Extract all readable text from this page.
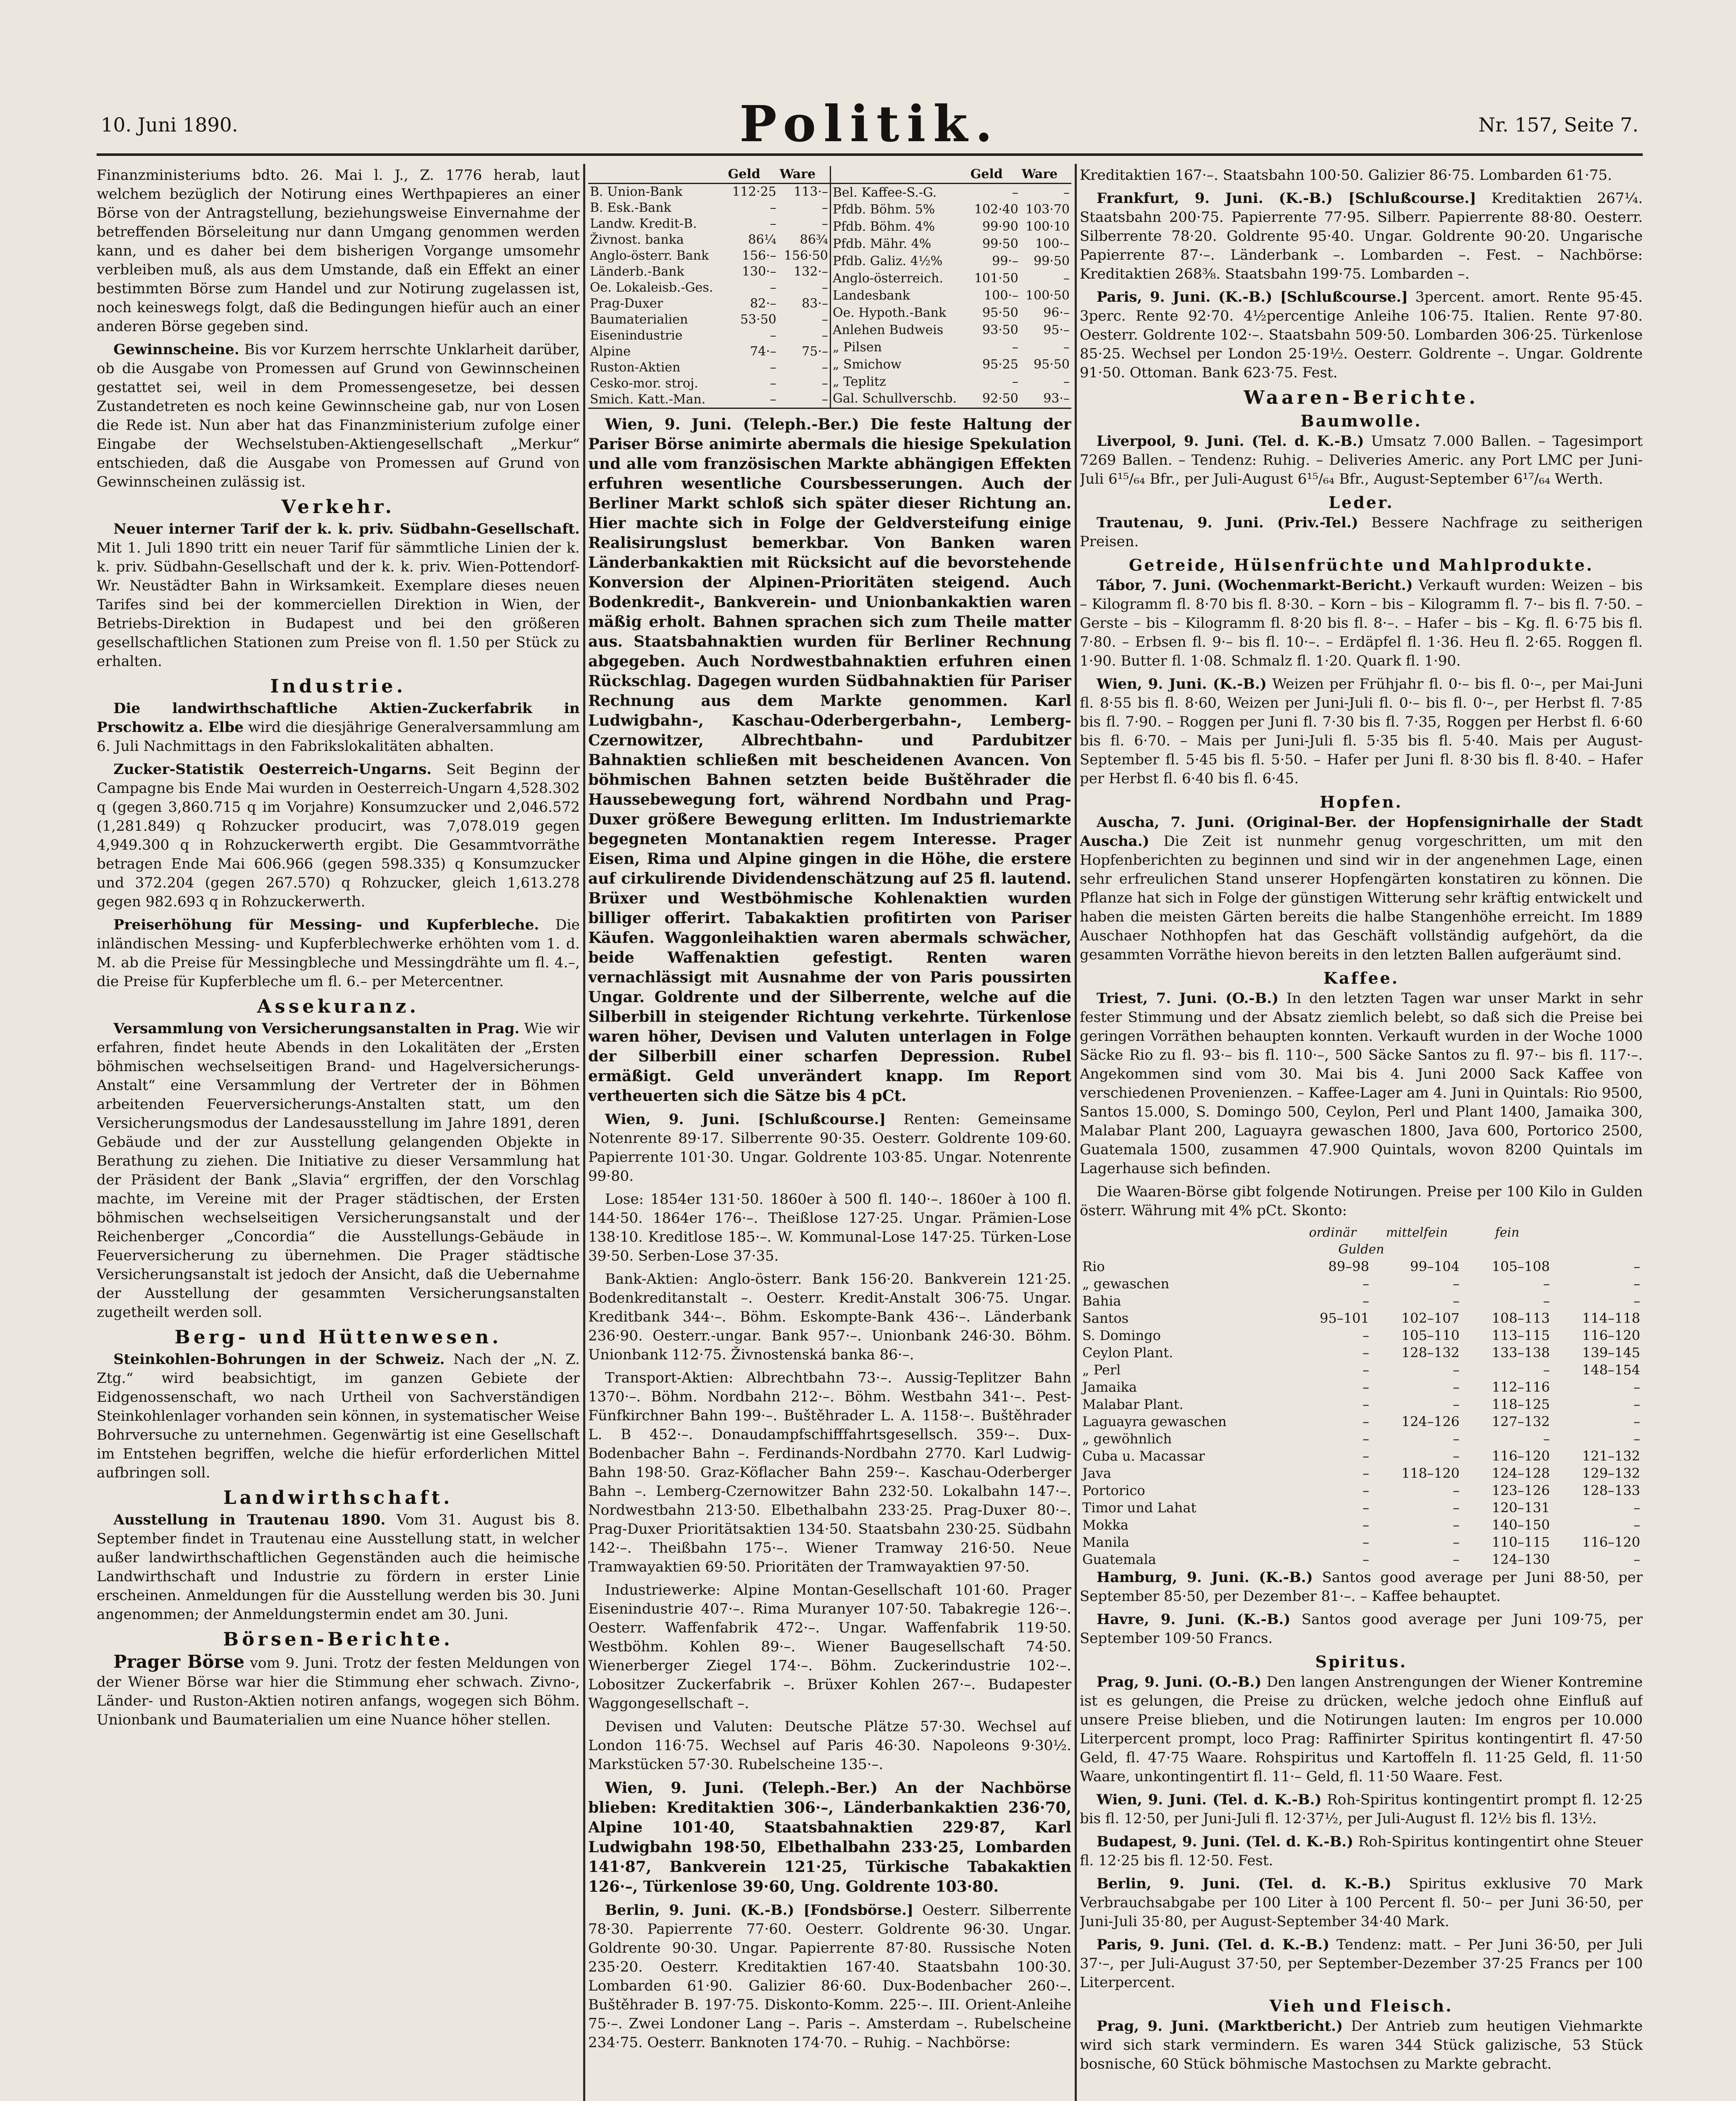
10. Juni 1890.	Politik.	Nr. 157, Seite 7.

Finanzministeriums bdto. 26. Mai l. J., Z. 1776 herab, laut welchem bezüglich der Notirung eines Werthpapieres an einer Börse von der Antragstellung, beziehungsweise Einvernahme der betreffenden Börseleitung nur dann Umgang genommen werden kann, und es daher bei dem bisherigen Vorgange umsomehr verbleiben muß, als aus dem Umstande, daß ein Effekt an einer bestimmten Börse zum Handel und zur Notirung zugelassen ist, noch keineswegs folgt, daß die Bedingungen hiefür auch an einer anderen Börse gegeben sind.

Gewinnscheine. Bis vor Kurzem herrschte Unklarheit darüber, ob die Ausgabe von Promessen auf Grund von Gewinnscheinen gestattet sei, weil in dem Promessengesetze, bei dessen Zustandetreten es noch keine Gewinnscheine gab, nur von Losen die Rede ist. Nun aber hat das Finanzministerium zufolge einer Eingabe der Wechselstuben-Aktiengesellschaft „Merkur“ entschieden, daß die Ausgabe von Promessen auf Grund von Gewinnscheinen zulässig ist.

Verkehr.

Neuer interner Tarif der k. k. priv. Südbahn-Gesellschaft. Mit 1. Juli 1890 tritt ein neuer Tarif für sämmtliche Linien der k. k. priv. Südbahn-Gesellschaft und der k. k. priv. Wien-Pottendorf-Wr. Neustädter Bahn in Wirksamkeit. Exemplare dieses neuen Tarifes sind bei der kommerciellen Direktion in Wien, der Betriebs-Direktion in Budapest und bei den größeren gesellschaftlichen Stationen zum Preise von fl. 1.50 per Stück zu erhalten.

Industrie.

Die landwirthschaftliche Aktien-Zuckerfabrik in Prschowitz a. Elbe wird die diesjährige Generalversammlung am 6. Juli Nachmittags in den Fabrikslokalitäten abhalten.

Zucker-Statistik Oesterreich-Ungarns. Seit Beginn der Campagne bis Ende Mai wurden in Oesterreich-Ungarn 4,528.302 q (gegen 3,860.715 q im Vorjahre) Konsumzucker und 2,046.572 (1,281.849) q Rohzucker producirt, was 7,078.019 gegen 4,949.300 q in Rohzuckerwerth ergibt. Die Gesammtvorräthe betragen Ende Mai 606.966 (gegen 598.335) q Konsumzucker und 372.204 (gegen 267.570) q Rohzucker, gleich 1,613.278 gegen 982.693 q in Rohzuckerwerth.

Preiserhöhung für Messing- und Kupferbleche. Die inländischen Messing- und Kupferblechwerke erhöhten vom 1. d. M. ab die Preise für Messingbleche und Messingdrähte um fl. 4.–, die Preise für Kupferbleche um fl. 6.– per Metercentner.

Assekuranz.

Versammlung von Versicherungsanstalten in Prag. Wie wir erfahren, findet heute Abends in den Lokalitäten der „Ersten böhmischen wechselseitigen Brand- und Hagelversicherungs-Anstalt“ eine Versammlung der Vertreter der in Böhmen arbeitenden Feuerversicherungs-Anstalten statt, um den Versicherungsmodus der Landesausstellung im Jahre 1891, deren Gebäude und der zur Ausstellung gelangenden Objekte in Berathung zu ziehen. Die Initiative zu dieser Versammlung hat der Präsident der Bank „Slavia“ ergriffen, der den Vorschlag machte, im Vereine mit der Prager städtischen, der Ersten böhmischen wechselseitigen Versicherungsanstalt und der Reichenberger „Concordia“ die Ausstellungs-Gebäude in Feuerversicherung zu übernehmen. Die Prager städtische Versicherungsanstalt ist jedoch der Ansicht, daß die Uebernahme der Ausstellung der gesammten Versicherungsanstalten zugetheilt werden soll.

Berg- und Hüttenwesen.

Steinkohlen-Bohrungen in der Schweiz. Nach der „N. Z. Ztg.“ wird beabsichtigt, im ganzen Gebiete der Eidgenossenschaft, wo nach Urtheil von Sachverständigen Steinkohlenlager vorhanden sein können, in systematischer Weise Bohrversuche zu unternehmen. Gegenwärtig ist eine Gesellschaft im Entstehen begriffen, welche die hiefür erforderlichen Mittel aufbringen soll.

Landwirthschaft.

Ausstellung in Trautenau 1890. Vom 31. August bis 8. September findet in Trautenau eine Ausstellung statt, in welcher außer landwirthschaftlichen Gegenständen auch die heimische Landwirthschaft und Industrie zu fördern in erster Linie erscheinen. Anmeldungen für die Ausstellung werden bis 30. Juni angenommen; der Anmeldungstermin endet am 30. Juni.

Börsen-Berichte.

Prager Börse vom 9. Juni. Trotz der festen Meldungen von der Wiener Börse war hier die Stimmung eher schwach. Zivno-, Länder- und Ruston-Aktien notiren anfangs, wogegen sich Böhm. Unionbank und Baumaterialien um eine Nuance höher stellen.

	Geld	Ware
B. Union-Bank	112·25	113·–
B. Esk.-Bank	–	–
Landw. Kredit-B.	–	–
Živnost. banka	86¼	86¾
Anglo-österr. Bank	156·–	156·50
Länderb.-Bank	130·–	132·–
Oe. Lokaleisb.-Ges.	–	–
Prag-Duxer	82·–	83·–
Baumaterialien	53·50	–
Eisenindustrie	–	–
Alpine	74·–	75·–
Ruston-Aktien	–	–
Cesko-mor. stroj.	–	–
Smich. Katt.-Man.	–	–
	Geld	Ware
Bel. Kaffee-S.-G.	–	–
Pfdb. Böhm. 5%	102·40	103·70
Pfdb. Böhm. 4%	99·90	100·10
Pfdb. Mähr. 4%	99·50	100·–
Pfdb. Galiz. 4½%	99·–	99·50
Anglo-österreich.	101·50	–
Landesbank	100·–	100·50
Oe. Hypoth.-Bank	95·50	96·–
Anlehen Budweis	93·50	95·–
„ Pilsen	–	–
„ Smichow	95·25	95·50
„ Teplitz	–	–
Gal. Schullverschb.	92·50	93·–

Wien, 9. Juni. (Teleph.-Ber.) Die feste Haltung der Pariser Börse animirte abermals die hiesige Spekulation und alle vom französischen Markte abhängigen Effekten erfuhren wesentliche Coursbesserungen. Auch der Berliner Markt schloß sich später dieser Richtung an. Hier machte sich in Folge der Geldversteifung einige Realisirungslust bemerkbar. Von Banken waren Länderbankaktien mit Rücksicht auf die bevorstehende Konversion der Alpinen-Prioritäten steigend. Auch Bodenkredit-, Bankverein- und Unionbankaktien waren mäßig erholt. Bahnen sprachen sich zum Theile matter aus. Staatsbahnaktien wurden für Berliner Rechnung abgegeben. Auch Nordwestbahnaktien erfuhren einen Rückschlag. Dagegen wurden Südbahnaktien für Pariser Rechnung aus dem Markte genommen. Karl Ludwigbahn-, Kaschau-Oderbergerbahn-, Lemberg-Czernowitzer, Albrechtbahn- und Pardubitzer Bahnaktien schließen mit bescheidenen Avancen. Von böhmischen Bahnen setzten beide Buštěhrader die Haussebewegung fort, während Nordbahn und Prag-Duxer größere Bewegung erlitten. Im Industriemarkte begegneten Montanaktien regem Interesse. Prager Eisen, Rima und Alpine gingen in die Höhe, die erstere auf cirkulirende Dividendenschätzung auf 25 fl. lautend. Brüxer und Westböhmische Kohlenaktien wurden billiger offerirt. Tabakaktien profitirten von Pariser Käufen. Waggonleihaktien waren abermals schwächer, beide Waffenaktien gefestigt. Renten waren vernachlässigt mit Ausnahme der von Paris poussirten Ungar. Goldrente und der Silberrente, welche auf die Silberbill in steigender Richtung verkehrte. Türkenlose waren höher, Devisen und Valuten unterlagen in Folge der Silberbill einer scharfen Depression. Rubel ermäßigt. Geld unverändert knapp. Im Report vertheuerten sich die Sätze bis 4 pCt.

Wien, 9. Juni. [Schlußcourse.] Renten: Gemeinsame Notenrente 89·17. Silberrente 90·35. Oesterr. Goldrente 109·60. Papierrente 101·30. Ungar. Goldrente 103·85. Ungar. Notenrente 99·80.

Lose: 1854er 131·50. 1860er à 500 fl. 140·–. 1860er à 100 fl. 144·50. 1864er 176·–. Theißlose 127·25. Ungar. Prämien-Lose 138·10. Kreditlose 185·–. W. Kommunal-Lose 147·25. Türken-Lose 39·50. Serben-Lose 37·35.

Bank-Aktien: Anglo-österr. Bank 156·20. Bankverein 121·25. Bodenkreditanstalt –. Oesterr. Kredit-Anstalt 306·75. Ungar. Kreditbank 344·–. Böhm. Eskompte-Bank 436·–. Länderbank 236·90. Oesterr.-ungar. Bank 957·–. Unionbank 246·30. Böhm. Unionbank 112·75. Živnostenská banka 86·–.

Transport-Aktien: Albrechtbahn 73·–. Aussig-Teplitzer Bahn 1370·–. Böhm. Nordbahn 212·–. Böhm. Westbahn 341·–. Pest-Fünfkirchner Bahn 199·–. Buštěhrader L. A. 1158·–. Buštěhrader L. B 452·–. Donaudampfschifffahrtsgesellsch. 359·–. Dux-Bodenbacher Bahn –. Ferdinands-Nordbahn 2770. Karl Ludwig-Bahn 198·50. Graz-Köflacher Bahn 259·–. Kaschau-Oderberger Bahn –. Lemberg-Czernowitzer Bahn 232·50. Lokalbahn 147·–. Nordwestbahn 213·50. Elbethalbahn 233·25. Prag-Duxer 80·–. Prag-Duxer Prioritätsaktien 134·50. Staatsbahn 230·25. Südbahn 142·–. Theißbahn 175·–. Wiener Tramway 216·50. Neue Tramwayaktien 69·50. Prioritäten der Tramwayaktien 97·50.

Industriewerke: Alpine Montan-Gesellschaft 101·60. Prager Eisenindustrie 407·–. Rima Muranyer 107·50. Tabakregie 126·–. Oesterr. Waffenfabrik 472·–. Ungar. Waffenfabrik 119·50. Westböhm. Kohlen 89·–. Wiener Baugesellschaft 74·50. Wienerberger Ziegel 174·–. Böhm. Zuckerindustrie 102·–. Lobositzer Zuckerfabrik –. Brüxer Kohlen 267·–. Budapester Waggongesellschaft –.

Devisen und Valuten: Deutsche Plätze 57·30. Wechsel auf London 116·75. Wechsel auf Paris 46·30. Napoleons 9·30½. Markstücken 57·30. Rubelscheine 135·–.

Wien, 9. Juni. (Teleph.-Ber.) An der Nachbörse blieben: Kreditaktien 306·–, Länderbankaktien 236·70, Alpine 101·40, Staatsbahnaktien 229·87, Karl Ludwigbahn 198·50, Elbethalbahn 233·25, Lombarden 141·87, Bankverein 121·25, Türkische Tabakaktien 126·–, Türkenlose 39·60, Ung. Goldrente 103·80.

Berlin, 9. Juni. (K.-B.) [Fondsbörse.] Oesterr. Silberrente 78·30. Papierrente 77·60. Oesterr. Goldrente 96·30. Ungar. Goldrente 90·30. Ungar. Papierrente 87·80. Russische Noten 235·20. Oesterr. Kreditaktien 167·40. Staatsbahn 100·30. Lombarden 61·90. Galizier 86·60. Dux-Bodenbacher 260·–. Buštěhrader B. 197·75. Diskonto-Komm. 225·–. III. Orient-Anleihe 75·–. Zwei Londoner Lang –. Paris –. Amsterdam –. Rubelscheine 234·75. Oesterr. Banknoten 174·70. – Ruhig. – Nachbörse:

Kreditaktien 167·–. Staatsbahn 100·50. Galizier 86·75. Lombarden 61·75.

Frankfurt, 9. Juni. (K.-B.) [Schlußcourse.] Kreditaktien 267¼. Staatsbahn 200·75. Papierrente 77·95. Silberr. Papierrente 88·80. Oesterr. Silberrente 78·20. Goldrente 95·40. Ungar. Goldrente 90·20. Ungarische Papierrente 87·–. Länderbank –. Lombarden –. Fest. – Nachbörse: Kreditaktien 268⅜. Staatsbahn 199·75. Lombarden –.

Paris, 9. Juni. (K.-B.) [Schlußcourse.] 3percent. amort. Rente 95·45. 3perc. Rente 92·70. 4½percentige Anleihe 106·75. Italien. Rente 97·80. Oesterr. Goldrente 102·–. Staatsbahn 509·50. Lombarden 306·25. Türkenlose 85·25. Wechsel per London 25·19½. Oesterr. Goldrente –. Ungar. Goldrente 91·50. Ottoman. Bank 623·75. Fest.

Waaren-Berichte.
Baumwolle.

Liverpool, 9. Juni. (Tel. d. K.-B.) Umsatz 7.000 Ballen. – Tagesimport 7269 Ballen. – Tendenz: Ruhig. – Deliveries Americ. any Port LMC per Juni-Juli 6¹⁵/₆₄ Bfr., per Juli-August 6¹⁵/₆₄ Bfr., August-September 6¹⁷/₆₄ Werth.

Leder.

Trautenau, 9. Juni. (Priv.-Tel.) Bessere Nachfrage zu seitherigen Preisen.

Getreide, Hülsenfrüchte und Mahlprodukte.

Tábor, 7. Juni. (Wochenmarkt-Bericht.) Verkauft wurden: Weizen – bis – Kilogramm fl. 8·70 bis fl. 8·30. – Korn – bis – Kilogramm fl. 7·– bis fl. 7·50. – Gerste – bis – Kilogramm fl. 8·20 bis fl. 8·–. – Hafer – bis – Kg. fl. 6·75 bis fl. 7·80. – Erbsen fl. 9·– bis fl. 10·–. – Erdäpfel fl. 1·36. Heu fl. 2·65. Roggen fl. 1·90. Butter fl. 1·08. Schmalz fl. 1·20. Quark fl. 1·90.

Wien, 9. Juni. (K.-B.) Weizen per Frühjahr fl. 0·– bis fl. 0·–, per Mai-Juni fl. 8·55 bis fl. 8·60, Weizen per Juni-Juli fl. 0·– bis fl. 0·–, per Herbst fl. 7·85 bis fl. 7·90. – Roggen per Juni fl. 7·30 bis fl. 7·35, Roggen per Herbst fl. 6·60 bis fl. 6·70. – Mais per Juni-Juli fl. 5·35 bis fl. 5·40. Mais per August-September fl. 5·45 bis fl. 5·50. – Hafer per Juni fl. 8·30 bis fl. 8·40. – Hafer per Herbst fl. 6·40 bis fl. 6·45.

Hopfen.

Auscha, 7. Juni. (Original-Ber. der Hopfensignirhalle der Stadt Auscha.) Die Zeit ist nunmehr genug vorgeschritten, um mit den Hopfenberichten zu beginnen und sind wir in der angenehmen Lage, einen sehr erfreulichen Stand unserer Hopfengärten konstatiren zu können. Die Pflanze hat sich in Folge der günstigen Witterung sehr kräftig entwickelt und haben die meisten Gärten bereits die halbe Stangenhöhe erreicht. Im 1889 Auschaer Nothhopfen hat das Geschäft vollständig aufgehört, da die gesammten Vorräthe hievon bereits in den letzten Ballen aufgeräumt sind.

Kaffee.

Triest, 7. Juni. (O.-B.) In den letzten Tagen war unser Markt in sehr fester Stimmung und der Absatz ziemlich belebt, so daß sich die Preise bei geringen Vorräthen behaupten konnten. Verkauft wurden in der Woche 1000 Säcke Rio zu fl. 93·– bis fl. 110·–, 500 Säcke Santos zu fl. 97·– bis fl. 117·–. Angekommen sind vom 30. Mai bis 4. Juni 2000 Sack Kaffee von verschiedenen Provenienzen. – Kaffee-Lager am 4. Juni in Quintals: Rio 9500, Santos 15.000, S. Domingo 500, Ceylon, Perl und Plant 1400, Jamaika 300, Malabar Plant 200, Laguayra gewaschen 1800, Java 600, Portorico 2500, Guatemala 1500, zusammen 47.900 Quintals, wovon 8200 Quintals im Lagerhause sich befinden.

Die Waaren-Börse gibt folgende Notirungen. Preise per 100 Kilo in Gulden österr. Währung mit 4% pCt. Skonto:

	ordinär	mittelfein	fein	
Gulden				
Rio	89–98	99–104	105–108	–
„ gewaschen	–	–	–	–
Bahia	–	–	–	–
Santos	95–101	102–107	108–113	114–118
S. Domingo	–	105–110	113–115	116–120
Ceylon Plant.	–	128–132	133–138	139–145
„ Perl	–	–	–	148–154
Jamaika	–	–	112–116	–
Malabar Plant.	–	–	118–125	–
Laguayra gewaschen	–	124–126	127–132	–
„ gewöhnlich	–	–	–	–
Cuba u. Macassar	–	–	116–120	121–132
Java	–	118–120	124–128	129–132
Portorico	–	–	123–126	128–133
Timor und Lahat	–	–	120–131	–
Mokka	–	–	140–150	–
Manila	–	–	110–115	116–120
Guatemala	–	–	124–130	–

Hamburg, 9. Juni. (K.-B.) Santos good average per Juni 88·50, per September 85·50, per Dezember 81·–. – Kaffee behauptet.

Havre, 9. Juni. (K.-B.) Santos good average per Juni 109·75, per September 109·50 Francs.

Spiritus.

Prag, 9. Juni. (O.-B.) Den langen Anstrengungen der Wiener Kontremine ist es gelungen, die Preise zu drücken, welche jedoch ohne Einfluß auf unsere Preise blieben, und die Notirungen lauten: Im engros per 10.000 Literpercent prompt, loco Prag: Raffinirter Spiritus kontingentirt fl. 47·50 Geld, fl. 47·75 Waare. Rohspiritus und Kartoffeln fl. 11·25 Geld, fl. 11·50 Waare, unkontingentirt fl. 11·– Geld, fl. 11·50 Waare. Fest.

Wien, 9. Juni. (Tel. d. K.-B.) Roh-Spiritus kontingentirt prompt fl. 12·25 bis fl. 12·50, per Juni-Juli fl. 12·37½, per Juli-August fl. 12½ bis fl. 13½.

Budapest, 9. Juni. (Tel. d. K.-B.) Roh-Spiritus kontingentirt ohne Steuer fl. 12·25 bis fl. 12·50. Fest.

Berlin, 9. Juni. (Tel. d. K.-B.) Spiritus exklusive 70 Mark Verbrauchsabgabe per 100 Liter à 100 Percent fl. 50·– per Juni 36·50, per Juni-Juli 35·80, per August-September 34·40 Mark.

Paris, 9. Juni. (Tel. d. K.-B.) Tendenz: matt. – Per Juni 36·50, per Juli 37·–, per Juli-August 37·50, per September-Dezember 37·25 Francs per 100 Literpercent.

Vieh und Fleisch.

Prag, 9. Juni. (Marktbericht.) Der Antrieb zum heutigen Viehmarkte wird sich stark vermindern. Es waren 344 Stück galizische, 53 Stück bosnische, 60 Stück böhmische Mastochsen zu Markte gebracht.
